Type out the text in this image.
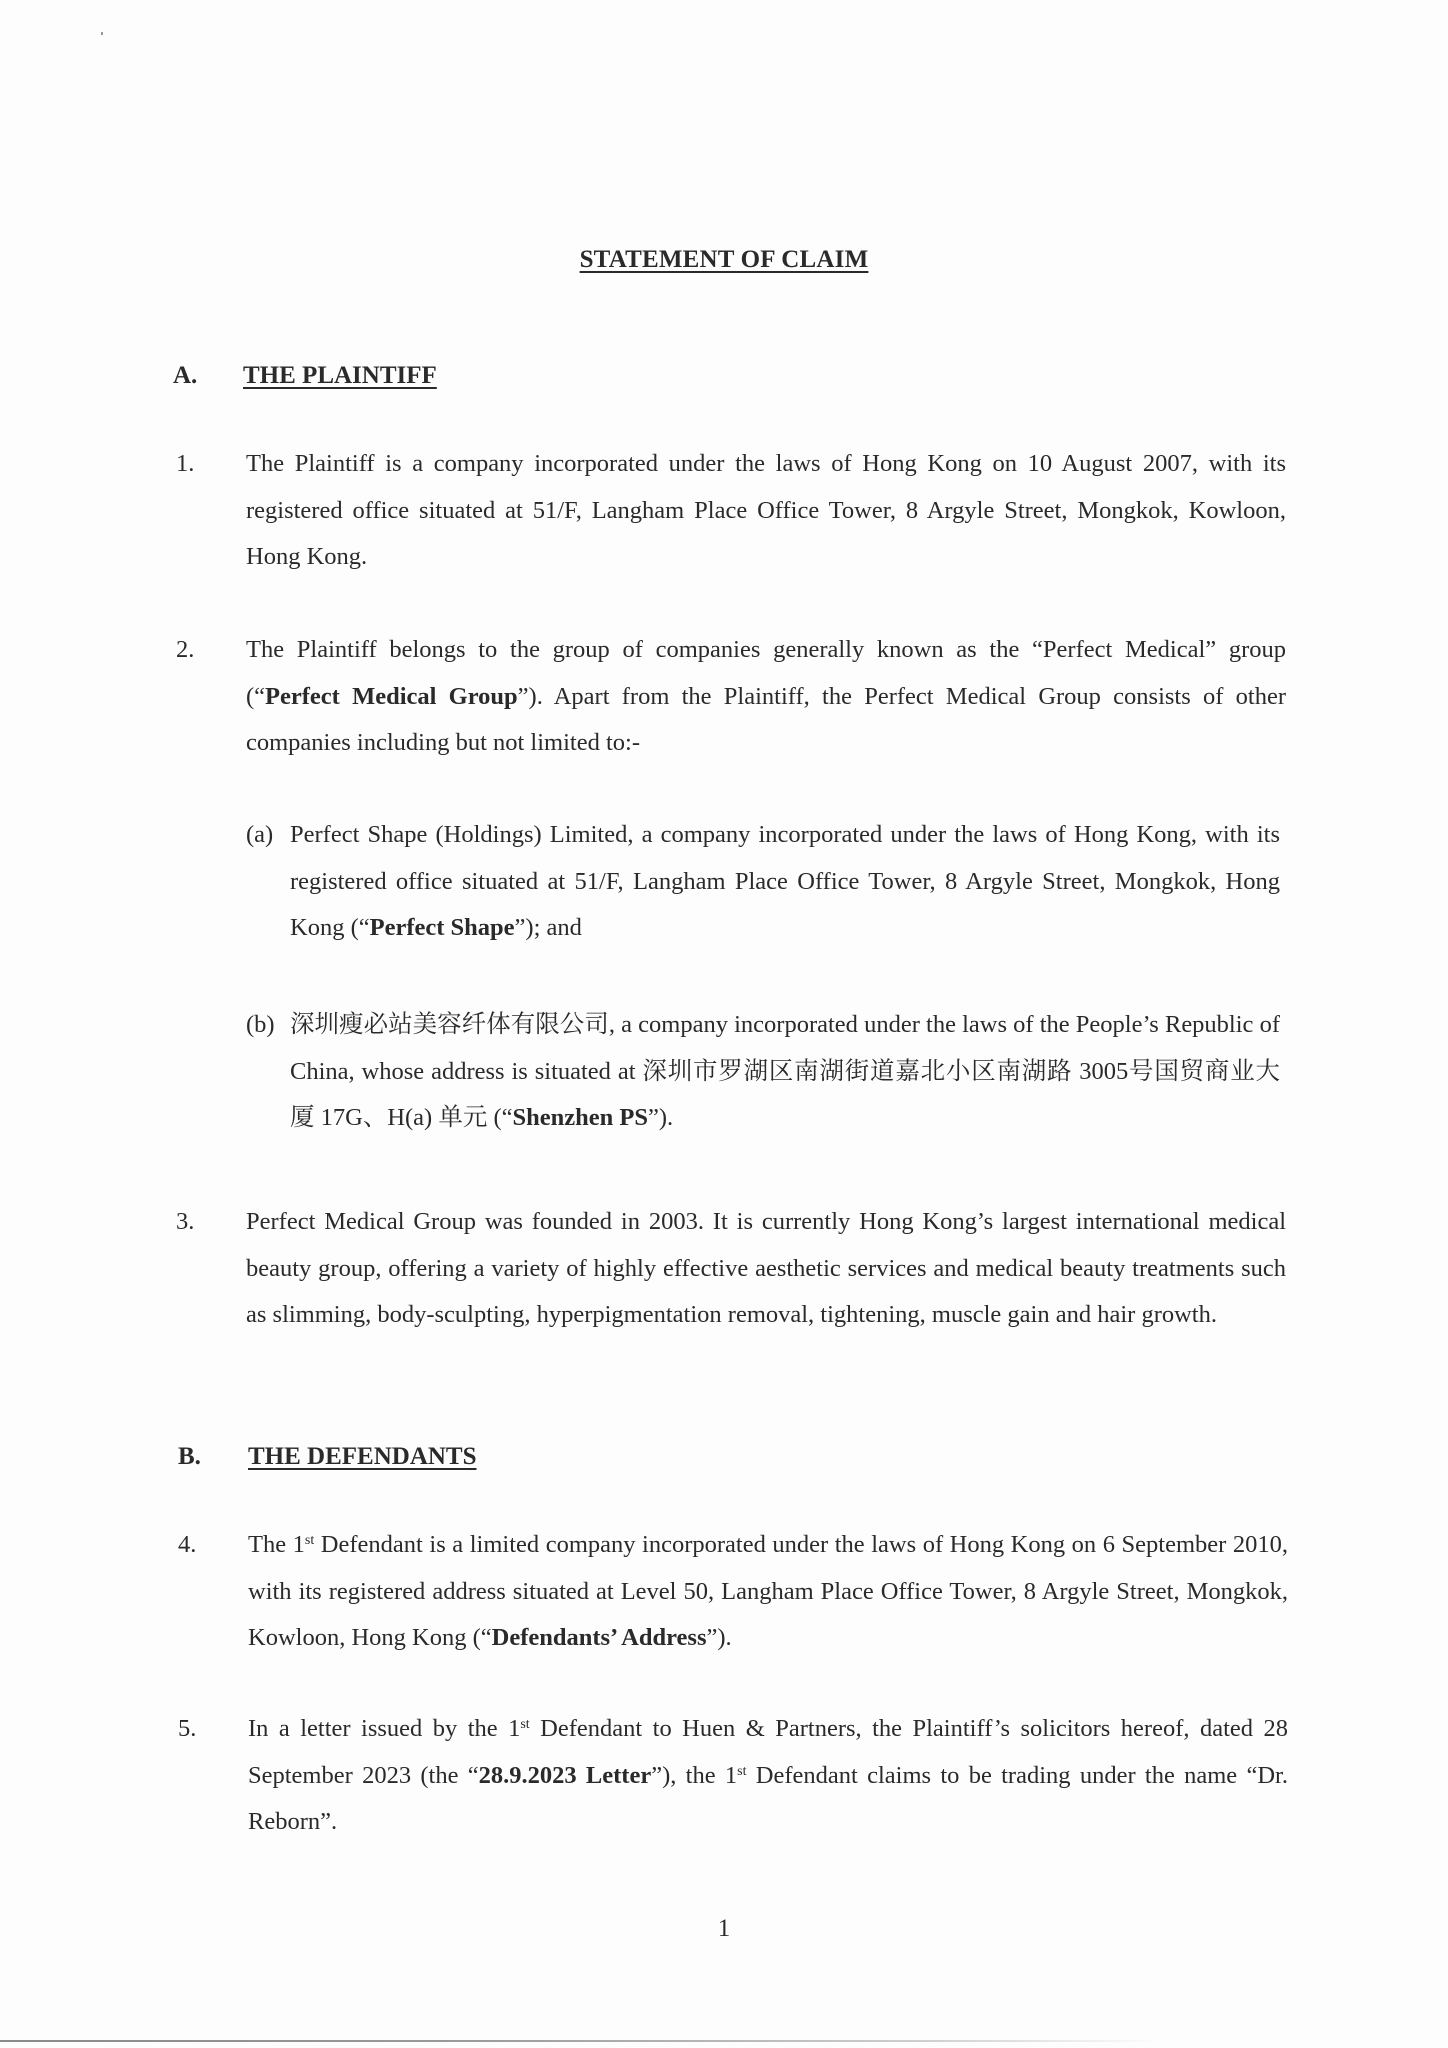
STATEMENT OF CLAIM
A. THE PLAINTIFF
1.	The Plaintiff is a company incorporated under the laws of Hong Kong on 10 August 2007, with its registered office situated at 51/F, Langham Place Office Tower, 8 Argyle Street, Mongkok, Kowloon, Hong Kong.

2.	The Plaintiff belongs to the group of companies generally known as the “Perfect Medical” group (“Perfect Medical Group”). Apart from the Plaintiff, the Perfect Medical Group consists of other companies including but not limited to:-

(a) Perfect Shape (Holdings) Limited, a company incorporated under the laws of Hong Kong, with its registered office situated at 51/F, Langham Place Office Tower, 8 Argyle Street, Mongkok, Hong Kong (“Perfect Shape”); and

(b) 深圳瘦必站美容纤体有限公司, a company incorporated under the laws of the People’s Republic of China, whose address is situated at 深圳市罗湖区南湖街道嘉北小区南湖路 3005号国贸商业大厦 17G、H(a) 单元 (“Shenzhen PS”).

3.	Perfect Medical Group was founded in 2003. It is currently Hong Kong’s largest international medical beauty group, offering a variety of highly effective aesthetic services and medical beauty treatments such as slimming, body-sculpting, hyperpigmentation removal, tightening, muscle gain and hair growth.

B. THE DEFENDANTS
4.	The 1st Defendant is a limited company incorporated under the laws of Hong Kong on 6 September 2010, with its registered address situated at Level 50, Langham Place Office Tower, 8 Argyle Street, Mongkok, Kowloon, Hong Kong (“Defendants’ Address”).

5.	In a letter issued by the 1st Defendant to Huen & Partners, the Plaintiff’s solicitors hereof, dated 28 September 2023 (the “28.9.2023 Letter”), the 1st Defendant claims to be trading under the name “Dr. Reborn”.

1
